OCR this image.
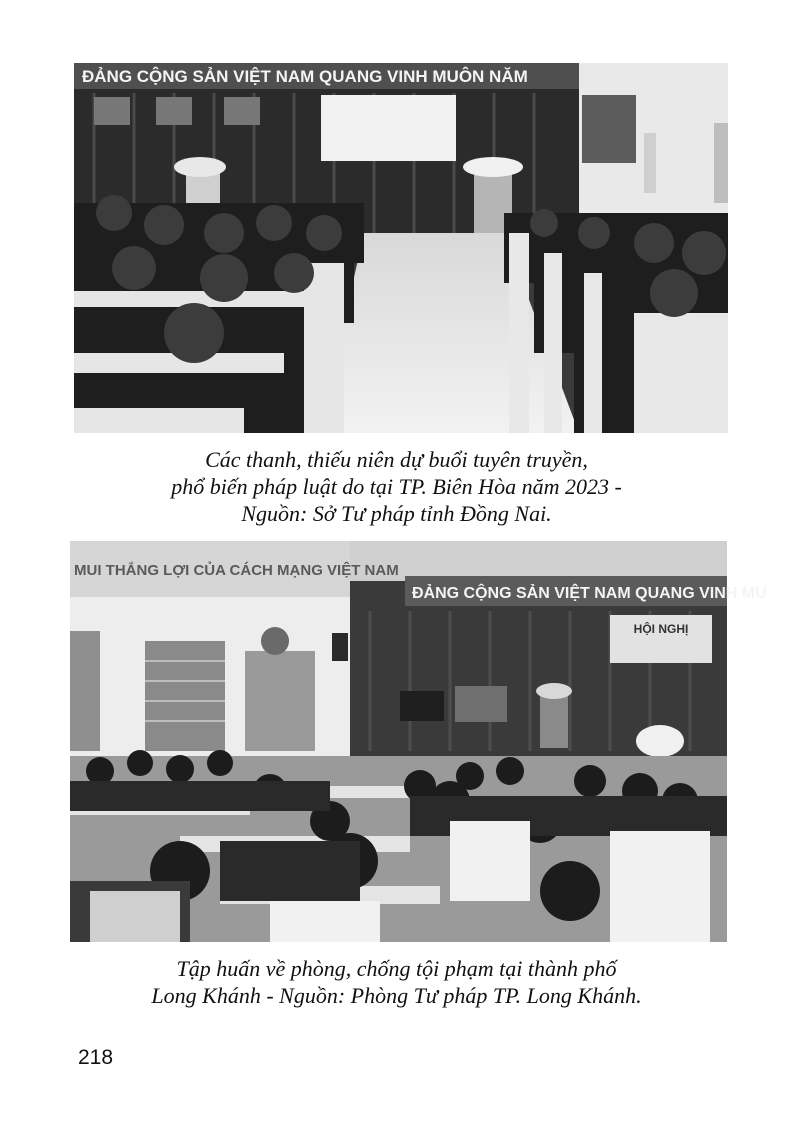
ĐẢNG CỘNG SẢN VIỆT NAM QUANG VINH MUÔN NĂM
Các thanh, thiếu niên dự buổi tuyên truyền,
phổ biến pháp luật do tại TP. Biên Hòa năm 2023 -
Nguồn: Sở Tư pháp tỉnh Đồng Nai.
MUI THẮNG LỢI CỦA CÁCH MẠNG VIỆT NAM
ĐẢNG CỘNG SẢN VIỆT NAM QUANG VINH MU
HỘI NGHỊ
Tập huấn về phòng, chống tội phạm tại thành phố
Long Khánh - Nguồn: Phòng Tư pháp TP. Long Khánh.
218
